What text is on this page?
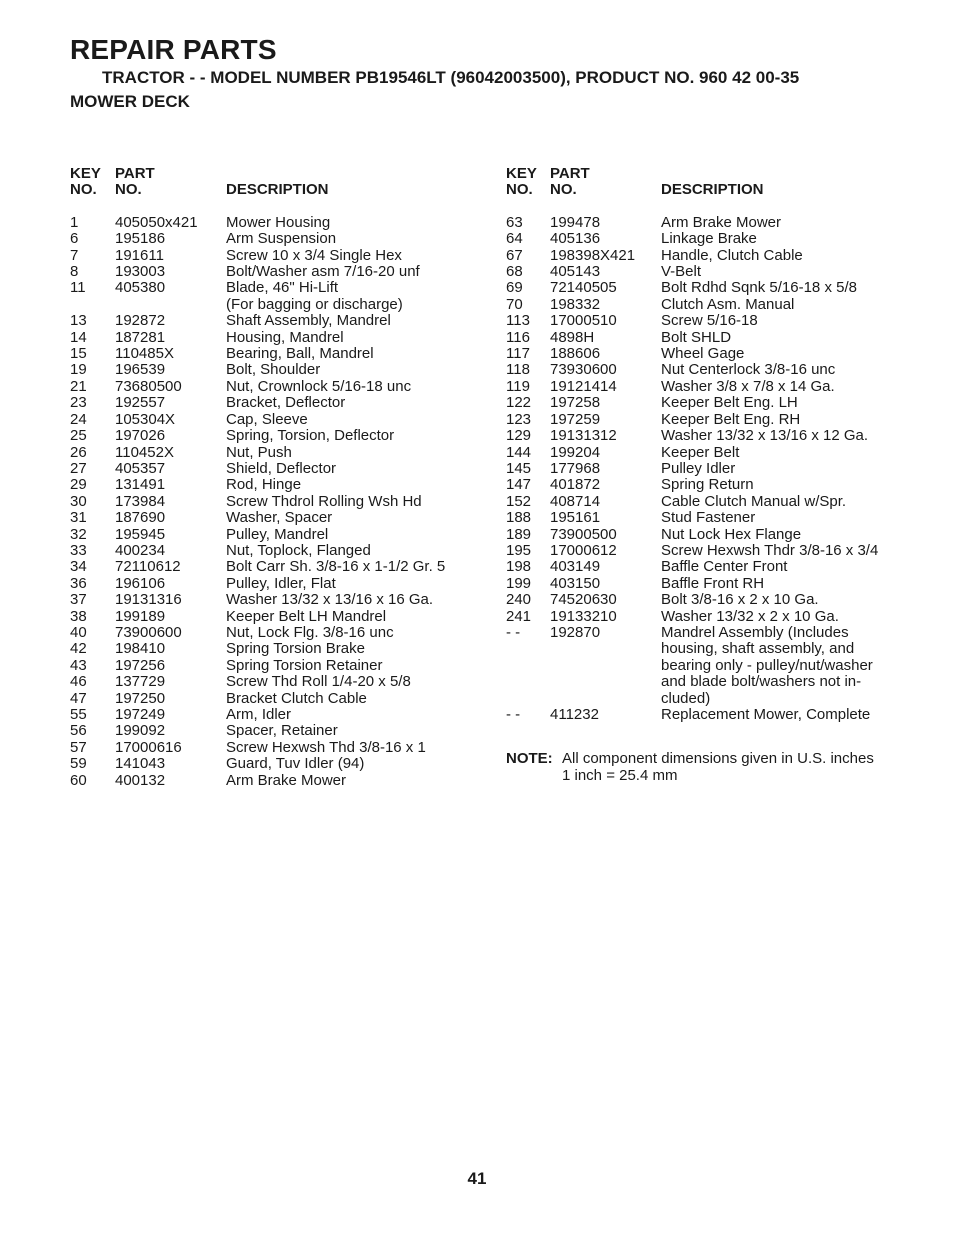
REPAIR PARTS
TRACTOR - - MODEL NUMBER PB19546LT (96042003500), PRODUCT NO. 960 42 00-35
MOWER DECK
KEY
NO.
PART
NO.	DESCRIPTION
1	405050x421	Mower Housing
6	195186	Arm Suspension
7	191611	Screw 10 x 3/4 Single Hex
8	193003	Bolt/Washer asm 7/16-20 unf
11	405380	Blade, 46" Hi-Lift
(For bagging or discharge)
13	192872	Shaft Assembly, Mandrel
14	187281	Housing, Mandrel
15	110485X	Bearing, Ball, Mandrel
19	196539	Bolt, Shoulder
21	73680500	Nut, Crownlock 5/16-18 unc
23	192557	Bracket, Deflector
24	105304X	Cap, Sleeve
25	197026	Spring, Torsion, Deflector
26	110452X	Nut, Push
27	405357	Shield, Deflector
29	131491	Rod, Hinge
30	173984	Screw Thdrol Rolling Wsh Hd
31	187690	Washer, Spacer
32	195945	Pulley, Mandrel
33	400234	Nut, Toplock, Flanged
34	72110612	Bolt Carr Sh. 3/8-16 x 1-1/2 Gr. 5
36	196106	Pulley, Idler, Flat
37	19131316	Washer 13/32 x 13/16 x 16 Ga.
38	199189	Keeper Belt LH Mandrel
40	73900600	Nut, Lock Flg. 3/8-16 unc
42	198410	Spring Torsion Brake
43	197256	Spring Torsion Retainer
46	137729	Screw Thd Roll 1/4-20 x 5/8
47	197250	Bracket Clutch Cable
55	197249	Arm, Idler
56	199092	Spacer, Retainer
57	17000616	Screw Hexwsh Thd 3/8-16 x 1
59	141043	Guard, Tuv Idler (94)
60	400132	Arm Brake Mower
KEY
NO.
PART
NO.	DESCRIPTION
63	199478	Arm Brake Mower
64	405136	Linkage Brake
67	198398X421	Handle, Clutch Cable
68	405143	V-Belt
69	72140505	Bolt Rdhd Sqnk 5/16-18 x 5/8
70	198332	Clutch Asm. Manual
113	17000510	Screw 5/16-18
116	4898H	Bolt SHLD
117	188606	Wheel Gage
118	73930600	Nut Centerlock 3/8-16 unc
119	19121414	Washer 3/8 x 7/8 x 14 Ga.
122	197258	Keeper Belt Eng. LH
123	197259	Keeper Belt Eng. RH
129	19131312	Washer 13/32 x 13/16 x 12 Ga.
144	199204	Keeper Belt
145	177968	Pulley Idler
147	401872	Spring Return
152	408714	Cable Clutch Manual w/Spr.
188	195161	Stud Fastener
189	73900500	Nut Lock Hex Flange
195	17000612	Screw Hexwsh Thdr 3/8-16 x 3/4
198	403149	Baffle Center Front
199	403150	Baffle Front RH
240	74520630	Bolt 3/8-16 x 2 x 10 Ga.
241	19133210	Washer 13/32 x 2 x 10 Ga.
- -	192870	Mandrel Assembly (Includes
housing, shaft assembly, and
bearing only - pulley/nut/washer
and blade bolt/washers not in-
cluded)
- -	411232	Replacement Mower, Complete
NOTE: All component dimensions given in U.S. inches
1 inch = 25.4 mm
41
